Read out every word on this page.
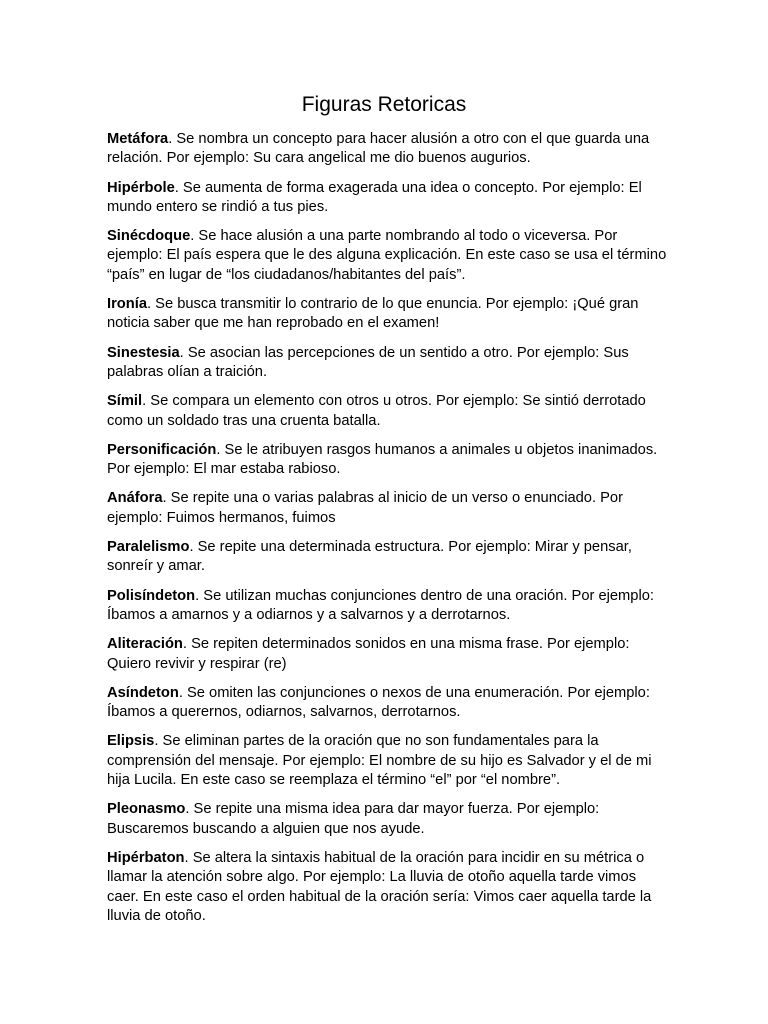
Figuras Retoricas
Metáfora. Se nombra un concepto para hacer alusión a otro con el que guarda una relación. Por ejemplo: Su cara angelical me dio buenos augurios.
Hipérbole. Se aumenta de forma exagerada una idea o concepto. Por ejemplo: El mundo entero se rindió a tus pies.
Sinécdoque. Se hace alusión a una parte nombrando al todo o viceversa. Por ejemplo: El país espera que le des alguna explicación. En este caso se usa el término “país” en lugar de “los ciudadanos/habitantes del país”.
Ironía. Se busca transmitir lo contrario de lo que enuncia. Por ejemplo: ¡Qué gran noticia saber que me han reprobado en el examen!
Sinestesia. Se asocian las percepciones de un sentido a otro. Por ejemplo: Sus palabras olían a traición.
Símil. Se compara un elemento con otros u otros. Por ejemplo: Se sintió derrotado como un soldado tras una cruenta batalla.
Personificación. Se le atribuyen rasgos humanos a animales u objetos inanimados. Por ejemplo: El mar estaba rabioso.
Anáfora. Se repite una o varias palabras al inicio de un verso o enunciado. Por ejemplo: Fuimos hermanos, fuimos
Paralelismo. Se repite una determinada estructura. Por ejemplo: Mirar y pensar, sonreír y amar.
Polisíndeton. Se utilizan muchas conjunciones dentro de una oración. Por ejemplo: Íbamos a amarnos y a odiarnos y a salvarnos y a derrotarnos.
Aliteración. Se repiten determinados sonidos en una misma frase. Por ejemplo: Quiero revivir y respirar (re)
Asíndeton. Se omiten las conjunciones o nexos de una enumeración. Por ejemplo: Íbamos a querernos, odiarnos, salvarnos, derrotarnos.
Elipsis. Se eliminan partes de la oración que no son fundamentales para la comprensión del mensaje. Por ejemplo: El nombre de su hijo es Salvador y el de mi hija Lucila. En este caso se reemplaza el término “el” por “el nombre”.
Pleonasmo. Se repite una misma idea para dar mayor fuerza. Por ejemplo: Buscaremos buscando a alguien que nos ayude.
Hipérbaton. Se altera la sintaxis habitual de la oración para incidir en su métrica o llamar la atención sobre algo. Por ejemplo: La lluvia de otoño aquella tarde vimos caer. En este caso el orden habitual de la oración sería: Vimos caer aquella tarde la lluvia de otoño.
